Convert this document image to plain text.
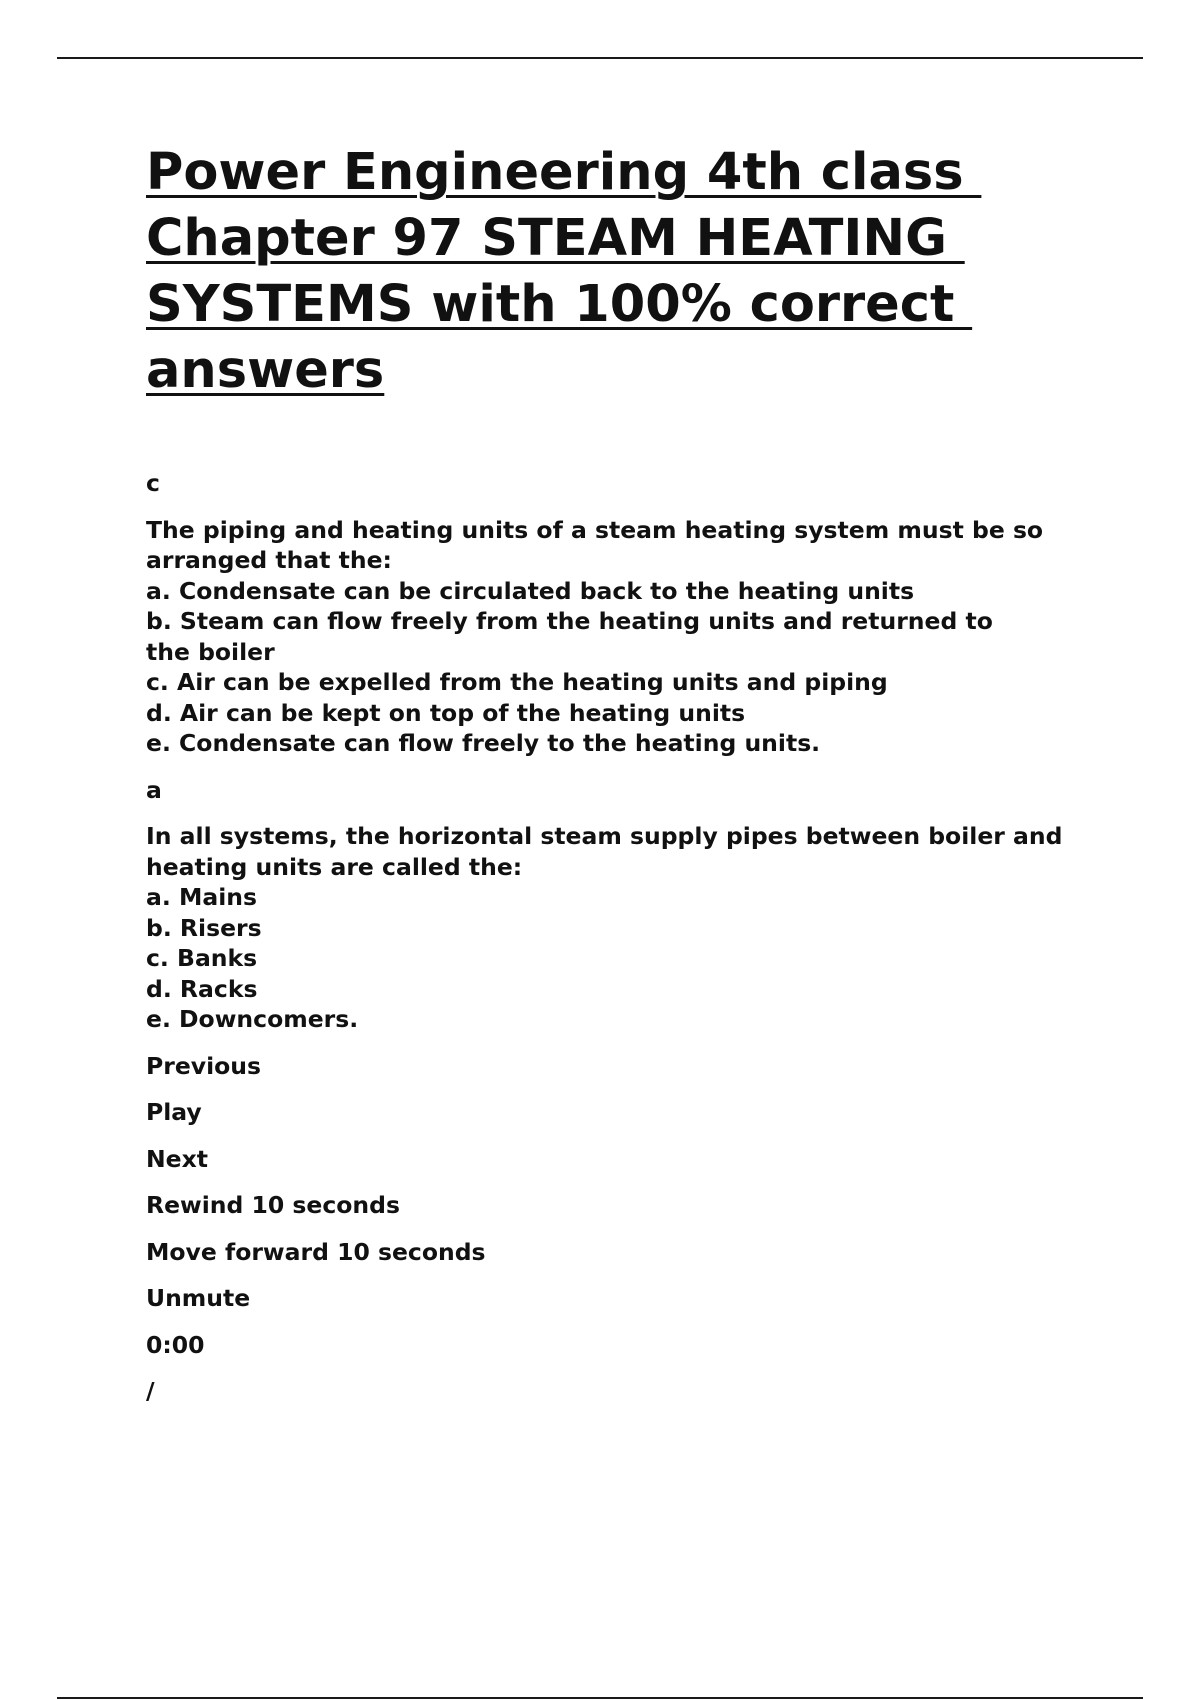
Power Engineering 4th class
Chapter 97 STEAM HEATING
SYSTEMS with 100% correct
answers
c
The piping and heating units of a steam heating system must be so
arranged that the:
a. Condensate can be circulated back to the heating units
b. Steam can flow freely from the heating units and returned to
the boiler
c. Air can be expelled from the heating units and piping
d. Air can be kept on top of the heating units
e. Condensate can flow freely to the heating units.
a
In all systems, the horizontal steam supply pipes between boiler and
heating units are called the:
a. Mains
b. Risers
c. Banks
d. Racks
e. Downcomers.
Previous
Play
Next
Rewind 10 seconds
Move forward 10 seconds
Unmute
0:00
/
